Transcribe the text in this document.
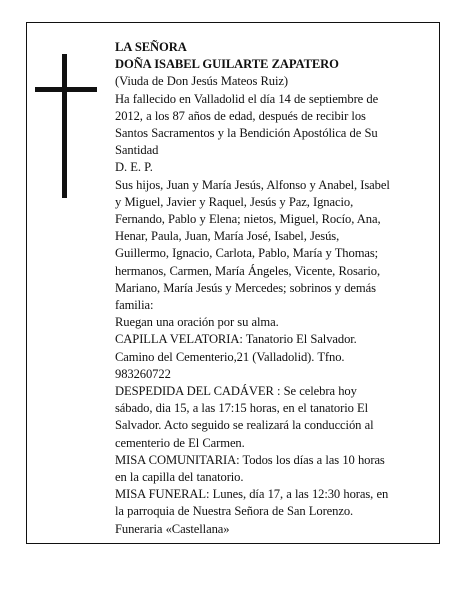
LA SEÑORA
DOÑA ISABEL GUILARTE ZAPATERO
(Viuda de Don Jesús Mateos Ruiz)
Ha fallecido en Valladolid el día 14 de septiembre de
2012, a los 87 años de edad, después de recibir los
Santos Sacramentos y la Bendición Apostólica de Su
Santidad
D. E. P.
Sus hijos, Juan y María Jesús, Alfonso y Anabel, Isabel
y Miguel, Javier y Raquel, Jesús y Paz, Ignacio,
Fernando, Pablo y Elena; nietos, Miguel, Rocío, Ana,
Henar, Paula, Juan, María José, Isabel, Jesús,
Guillermo, Ignacio, Carlota, Pablo, María y Thomas;
hermanos, Carmen, María Ángeles, Vicente, Rosario,
Mariano, María Jesús y Mercedes; sobrinos y demás
familia:
Ruegan una oración por su alma.
CAPILLA VELATORIA: Tanatorio El Salvador.
Camino del Cementerio,21 (Valladolid). Tfno.
983260722
DESPEDIDA DEL CADÁVER : Se celebra hoy
sábado, dia 15, a las 17:15 horas, en el tanatorio El
Salvador. Acto seguido se realizará la conducción al
cementerio de El Carmen.
MISA COMUNITARIA: Todos los días a las 10 horas
en la capilla del tanatorio.
MISA FUNERAL: Lunes, día 17, a las 12:30 horas, en
la parroquia de Nuestra Señora de San Lorenzo.
Funeraria «Castellana»
